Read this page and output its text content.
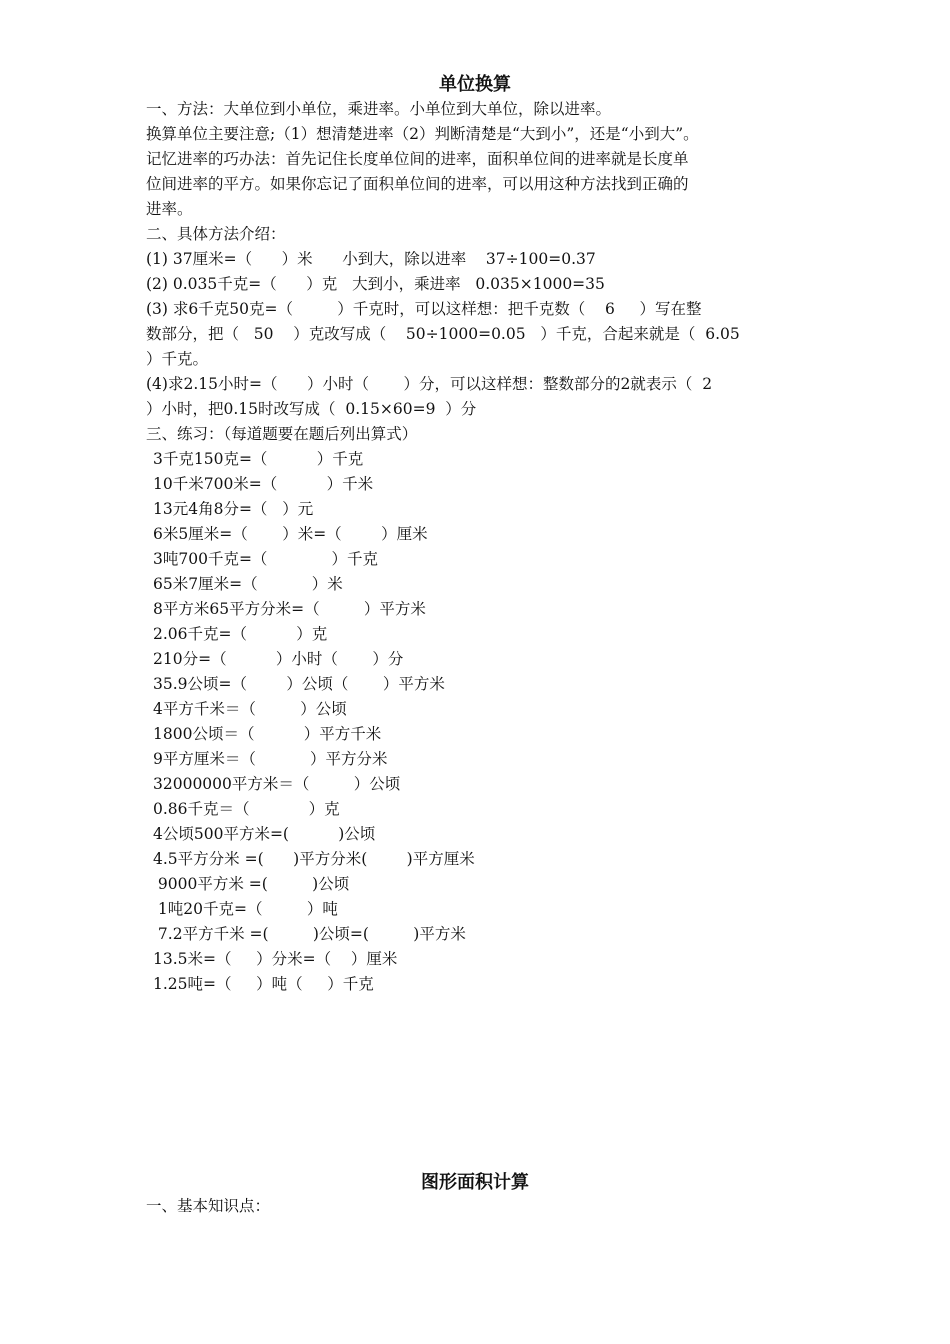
单位换算
一、方法：大单位到小单位，乘进率。小单位到大单位，除以进率。
换算单位主要注意;（1）想清楚进率（2）判断清楚是“大到小”，还是“小到大”。
记忆进率的巧办法：首先记住长度单位间的进率，面积单位间的进率就是长度单
位间进率的平方。如果你忘记了面积单位间的进率，可以用这种方法找到正确的
进率。
二、具体方法介绍：
(1) 37厘米=（      ）米      小到大，除以进率    37÷100=0.37
(2) 0.035千克=（      ）克   大到小，乘进率   0.035×1000=35
(3) 求6千克50克=（         ）千克时，可以这样想：把千克数（    6     ）写在整
数部分，把（   50    ）克改写成（    50÷1000=0.05   ）千克，合起来就是（  6.05
）千克。
(4)求2.15小时=（      ）小时（       ）分，可以这样想：整数部分的2就表示（  2
）小时，把0.15时改写成（  0.15×60=9  ）分
三、练习：（每道题要在题后列出算式）
3千克150克=（          ）千克
10千米700米=（          ）千米
13元4角8分=（   ）元
6米5厘米=（       ）米=（        ）厘米
3吨700千克=（             ）千克
65米7厘米=（           ）米
8平方米65平方分米=（         ）平方米
2.06千克=（          ）克
210分=（          ）小时（       ）分
35.9公顷=（        ）公顷（       ）平方米
4平方千米＝（         ）公顷
1800公顷＝（          ）平方千米
9平方厘米＝（           ）平方分米
32000000平方米＝（         ）公顷
0.86千克＝（            ）克
4公顷500平方米=(          )公顷
4.5平方分米 =(      )平方分米(        )平方厘米
9000平方米 =(         )公顷
1吨20千克=（         ）吨
7.2平方千米 =(         )公顷=(         )平方米
13.5米=（     ）分米=（    ）厘米
1.25吨=（     ）吨（     ）千克
图形面积计算
一、基本知识点：
